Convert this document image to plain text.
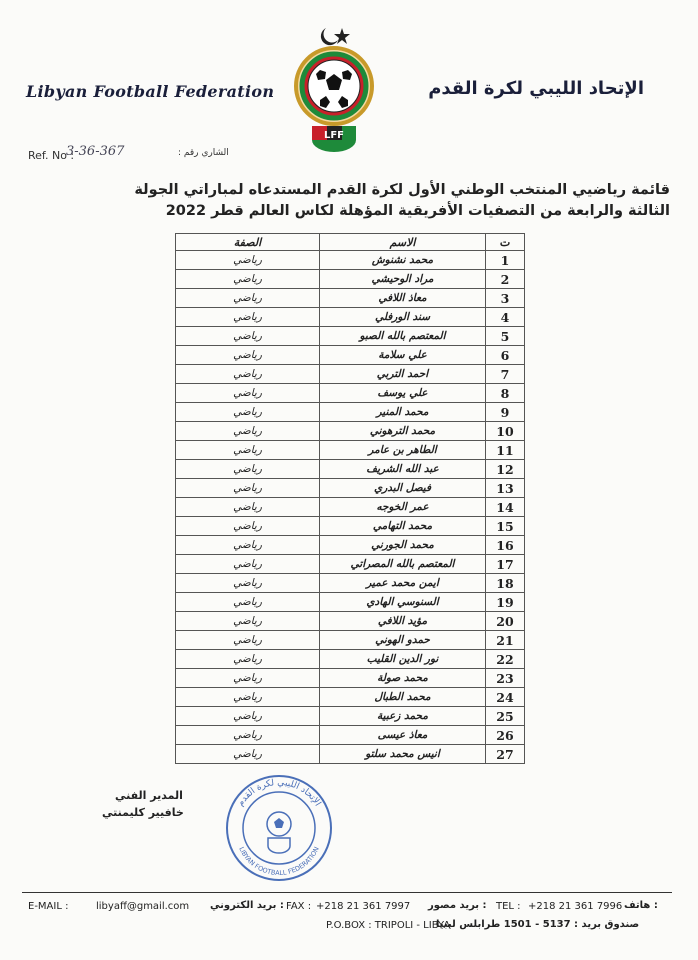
Libyan Football Federation	الإتحاد الليبي لكرة القدم
LFF
Ref. No :
3-36-367	الشاري رقم :
قائمة رياضيي المنتخب الوطني الأول لكرة القدم المستدعاه لمباراتي الجولة
الثالثة والرابعة من التصفيات الأفريقية المؤهلة لكاس العالم قطر 2022
ت	الاسم	الصفة
1	محمد نشنوش	رياضي
2	مراد الوحيشي	رياضي
3	معاذ اللافي	رياضي
4	سند الورفلي	رياضي
5	المعتصم بالله الصبو	رياضي
6	علي سلامة	رياضي
7	احمد التربي	رياضي
8	علي يوسف	رياضي
9	محمد المنير	رياضي
10	محمد الترهوني	رياضي
11	الطاهر بن عامر	رياضي
12	عبد الله الشريف	رياضي
13	فيصل البدري	رياضي
14	عمر الخوجه	رياضي
15	محمد التهامي	رياضي
16	محمد الجورني	رياضي
17	المعتصم بالله المصراتي	رياضي
18	ايمن محمد عمير	رياضي
19	السنوسي الهادي	رياضي
20	مؤيد اللافي	رياضي
21	حمدو الهوني	رياضي
22	نور الدين القليب	رياضي
23	محمد صولة	رياضي
24	محمد الطبال	رياضي
25	محمد زعبية	رياضي
26	معاذ عيسى	رياضي
27	انيس محمد سلتو	رياضي
المدير الفني
خافيير كليمنتي
الإتحاد الليبي لكرة القدم
LIBYAN FOOTBALL FEDERATION
E-MAIL :	libyaff@gmail.com : بريد الكتروني FAX : +218 21 361 7997 : بريد مصور TEL : +218 21 361 7996 : هاتف
P.O.BOX : TRIPOLI - LIBYA
صندوق بريد : 5137 - 1501 طرابلس ليبيا
